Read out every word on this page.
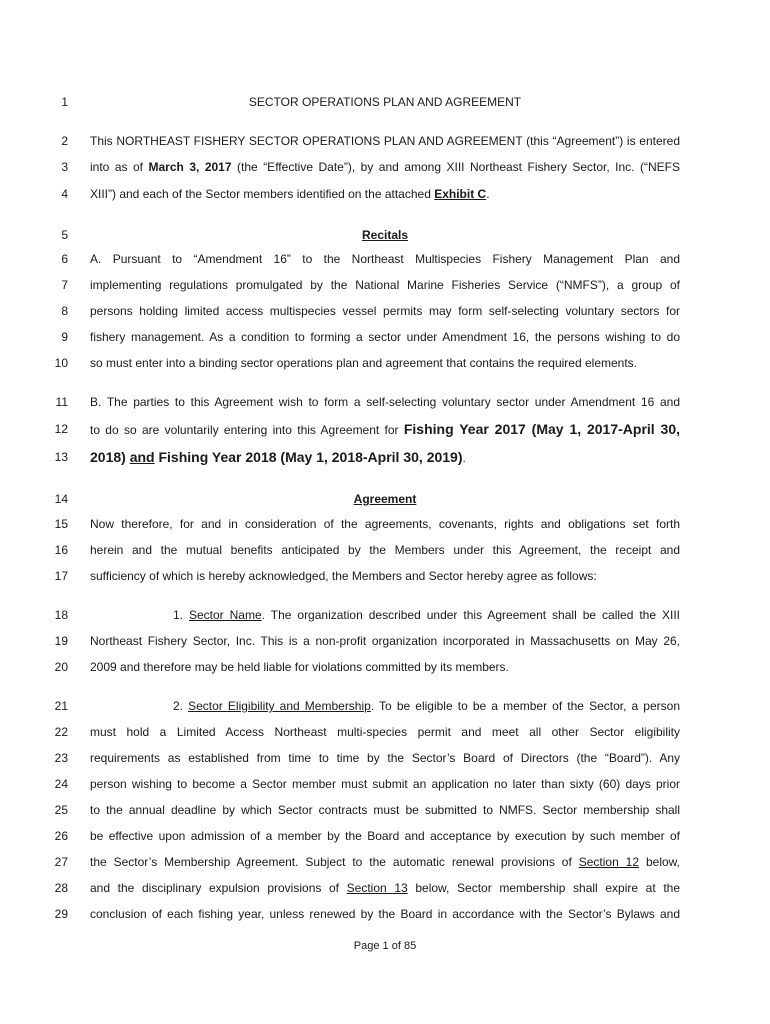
1	SECTOR OPERATIONS PLAN AND AGREEMENT
2 This NORTHEAST FISHERY SECTOR OPERATIONS PLAN AND AGREEMENT (this “Agreement”) is entered
3 into as of March 3, 2017 (the “Effective Date”), by and among XIII Northeast Fishery Sector, Inc. (“NEFS
4 XIII”) and each of the Sector members identified on the attached Exhibit C.
5	Recitals
6 A. Pursuant to “Amendment 16” to the Northeast Multispecies Fishery Management Plan and
7 implementing regulations promulgated by the National Marine Fisheries Service (“NMFS”), a group of
8 persons holding limited access multispecies vessel permits may form self-selecting voluntary sectors for
9 fishery management. As a condition to forming a sector under Amendment 16, the persons wishing to do
10 so must enter into a binding sector operations plan and agreement that contains the required elements.
11 B. The parties to this Agreement wish to form a self-selecting voluntary sector under Amendment 16 and
12 to do so are voluntarily entering into this Agreement for Fishing Year 2017 (May 1, 2017-April 30,
13 2018) and Fishing Year 2018 (May 1, 2018-April 30, 2019).
14	Agreement
15 Now therefore, for and in consideration of the agreements, covenants, rights and obligations set forth
16 herein and the mutual benefits anticipated by the Members under this Agreement, the receipt and
17 sufficiency of which is hereby acknowledged, the Members and Sector hereby agree as follows:
18	1. Sector Name. The organization described under this Agreement shall be called the XIII
19 Northeast Fishery Sector, Inc. This is a non-profit organization incorporated in Massachusetts on May 26,
20 2009 and therefore may be held liable for violations committed by its members.
21	2. Sector Eligibility and Membership. To be eligible to be a member of the Sector, a person
22 must hold a Limited Access Northeast multi-species permit and meet all other Sector eligibility
23 requirements as established from time to time by the Sector’s Board of Directors (the “Board”). Any
24 person wishing to become a Sector member must submit an application no later than sixty (60) days prior
25 to the annual deadline by which Sector contracts must be submitted to NMFS. Sector membership shall
26 be effective upon admission of a member by the Board and acceptance by execution by such member of
27 the Sector’s Membership Agreement. Subject to the automatic renewal provisions of Section 12 below,
28 and the disciplinary expulsion provisions of Section 13 below, Sector membership shall expire at the
29 conclusion of each fishing year, unless renewed by the Board in accordance with the Sector’s Bylaws and
Page 1 of 85
